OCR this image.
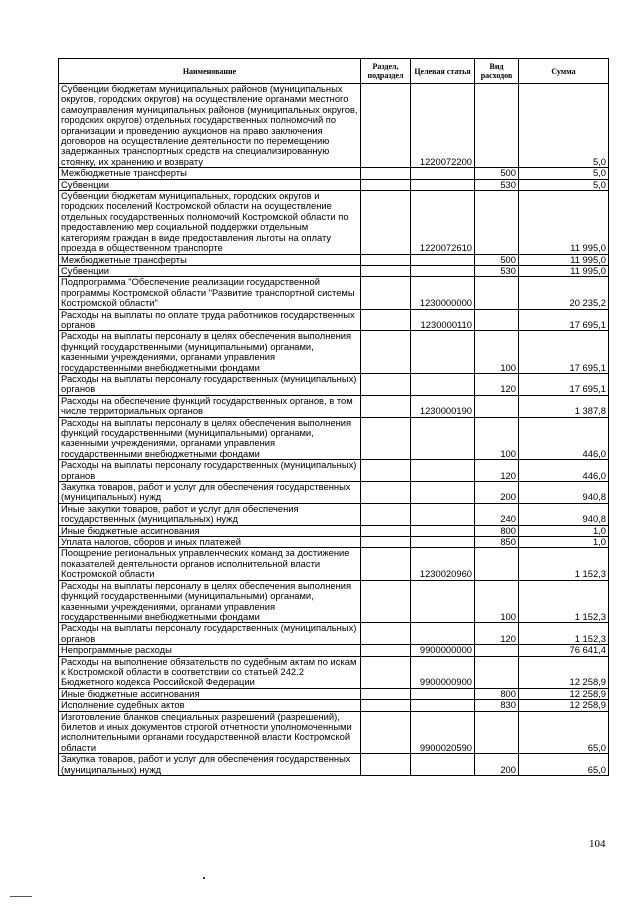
Наименование	Раздел, подраздел	Целевая статья	Вид расходов	Сумма
Субвенции бюджетам муниципальных районов (муниципальных округов, городских округов) на осуществление органами местного самоуправления муниципальных районов (муниципальных округов, городских округов) отдельных государственных полномочий по организации и проведению аукционов на право заключения договоров на осуществление деятельности по перемещению задержанных транспортных средств на специализированную стоянку, их хранению и возврату		1220072200		5,0
Межбюджетные трансферты			500	5,0
Субвенции			530	5,0
Субвенции бюджетам муниципальных, городских округов и городских поселений Костромской области на осуществление отдельных государственных полномочий Костромской области по предоставлению мер социальной поддержки отдельным категориям граждан в виде предоставления льготы на оплату проезда в общественном транспорте		1220072610		11 995,0
Межбюджетные трансферты			500	11 995,0
Субвенции			530	11 995,0
Подпрограмма "Обеспечение реализации государственной программы Костромской области "Развитие транспортной системы Костромской области"		1230000000		20 235,2
Расходы на выплаты по оплате труда работников государственных органов		1230000110		17 695,1
Расходы на выплаты персоналу в целях обеспечения выполнения функций государственными (муниципальными) органами, казенными учреждениями, органами управления государственными внебюджетными фондами			100	17 695,1
Расходы на выплаты персоналу государственных (муниципальных) органов			120	17 695,1
Расходы на обеспечение функций государственных органов, в том числе территориальных органов		1230000190		1 387,8
Расходы на выплаты персоналу в целях обеспечения выполнения функций государственными (муниципальными) органами, казенными учреждениями, органами управления государственными внебюджетными фондами			100	446,0
Расходы на выплаты персоналу государственных (муниципальных) органов			120	446,0
Закупка товаров, работ и услуг для обеспечения государственных (муниципальных) нужд			200	940,8
Иные закупки товаров, работ и услуг для обеспечения государственных (муниципальных) нужд			240	940,8
Иные бюджетные ассигнования			800	1,0
Уплата налогов, сборов и иных платежей			850	1,0
Поощрение региональных управленческих команд за достижение показателей деятельности органов исполнительной власти Костромской области		1230020960		1 152,3
Расходы на выплаты персоналу в целях обеспечения выполнения функций государственными (муниципальными) органами, казенными учреждениями, органами управления государственными внебюджетными фондами			100	1 152,3
Расходы на выплаты персоналу государственных (муниципальных) органов			120	1 152,3
Непрограммные расходы		9900000000		76 641,4
Расходы на выполнение обязательств по судебным актам по искам к Костромской области в соответствии со статьей 242.2 Бюджетного кодекса Российской Федерации		9900000900		12 258,9
Иные бюджетные ассигнования			800	12 258,9
Исполнение судебных актов			830	12 258,9
Изготовление бланков специальных разрешений (разрешений), билетов и иных документов строгой отчетности уполномоченными исполнительными органами государственной власти Костромской области		9900020590		65,0
Закупка товаров, работ и услуг для обеспечения государственных (муниципальных) нужд			200	65,0
104
